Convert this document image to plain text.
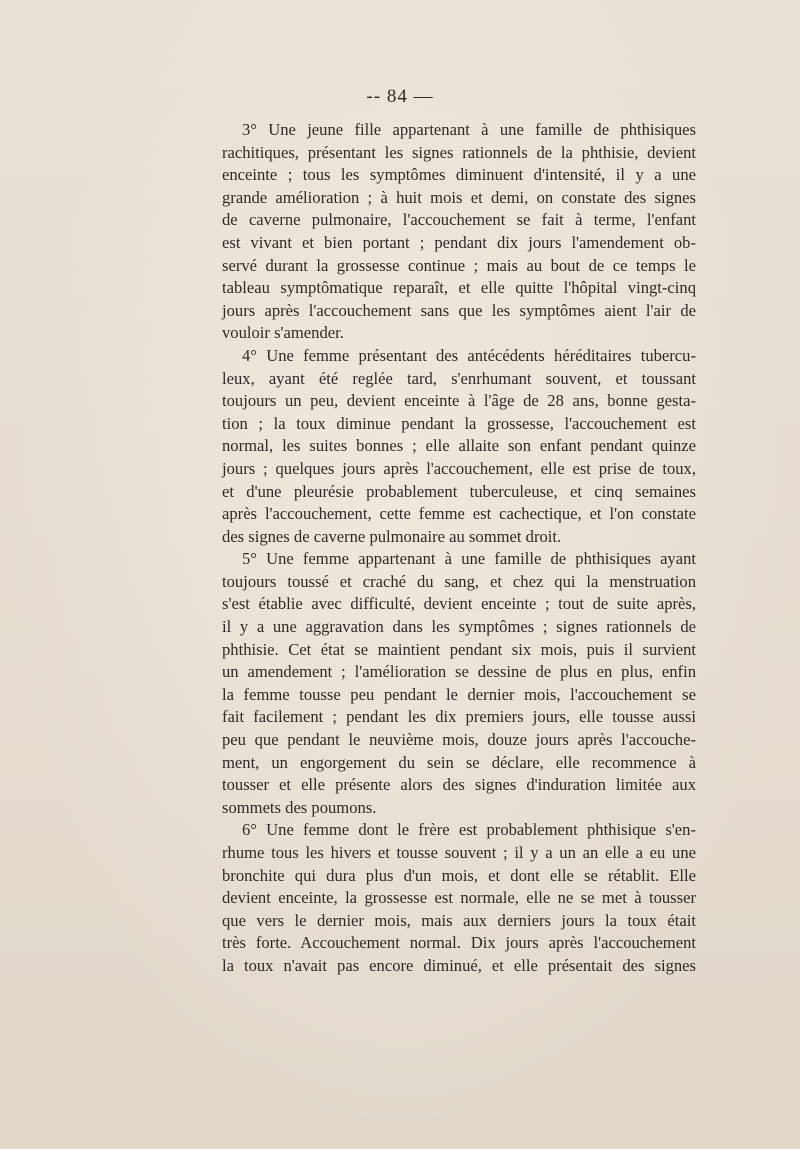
-- 84 —
3° Une jeune fille appartenant à une famille de phthisiques
rachitiques, présentant les signes rationnels de la phthisie, devient
enceinte ; tous les symptômes diminuent d'intensité, il y a une
grande amélioration ; à huit mois et demi, on constate des signes
de caverne pulmonaire, l'accouchement se fait à terme, l'enfant
est vivant et bien portant ; pendant dix jours l'amendement ob-
servé durant la grossesse continue ; mais au bout de ce temps le
tableau symptômatique reparaît, et elle quitte l'hôpital vingt-cinq
jours après l'accouchement sans que les symptômes aient l'air de
vouloir s'amender.
4° Une femme présentant des antécédents héréditaires tubercu-
leux, ayant été reglée tard, s'enrhumant souvent, et toussant
toujours un peu, devient enceinte à l'âge de 28 ans, bonne gesta-
tion ; la toux diminue pendant la grossesse, l'accouchement est
normal, les suites bonnes ; elle allaite son enfant pendant quinze
jours ; quelques jours après l'accouchement, elle est prise de toux,
et d'une pleurésie probablement tuberculeuse, et cinq semaines
après l'accouchement, cette femme est cachectique, et l'on constate
des signes de caverne pulmonaire au sommet droit.
5° Une femme appartenant à une famille de phthisiques ayant
toujours toussé et craché du sang, et chez qui la menstruation
s'est établie avec difficulté, devient enceinte ; tout de suite après,
il y a une aggravation dans les symptômes ; signes rationnels de
phthisie. Cet état se maintient pendant six mois, puis il survient
un amendement ; l'amélioration se dessine de plus en plus, enfin
la femme tousse peu pendant le dernier mois, l'accouchement se
fait facilement ; pendant les dix premiers jours, elle tousse aussi
peu que pendant le neuvième mois, douze jours après l'accouche-
ment, un engorgement du sein se déclare, elle recommence à
tousser et elle présente alors des signes d'induration limitée aux
sommets des poumons.
6° Une femme dont le frère est probablement phthisique s'en-
rhume tous les hivers et tousse souvent ; il y a un an elle a eu une
bronchite qui dura plus d'un mois, et dont elle se rétablit. Elle
devient enceinte, la grossesse est normale, elle ne se met à tousser
que vers le dernier mois, mais aux derniers jours la toux était
très forte. Accouchement normal. Dix jours après l'accouchement
la toux n'avait pas encore diminué, et elle présentait des signes
